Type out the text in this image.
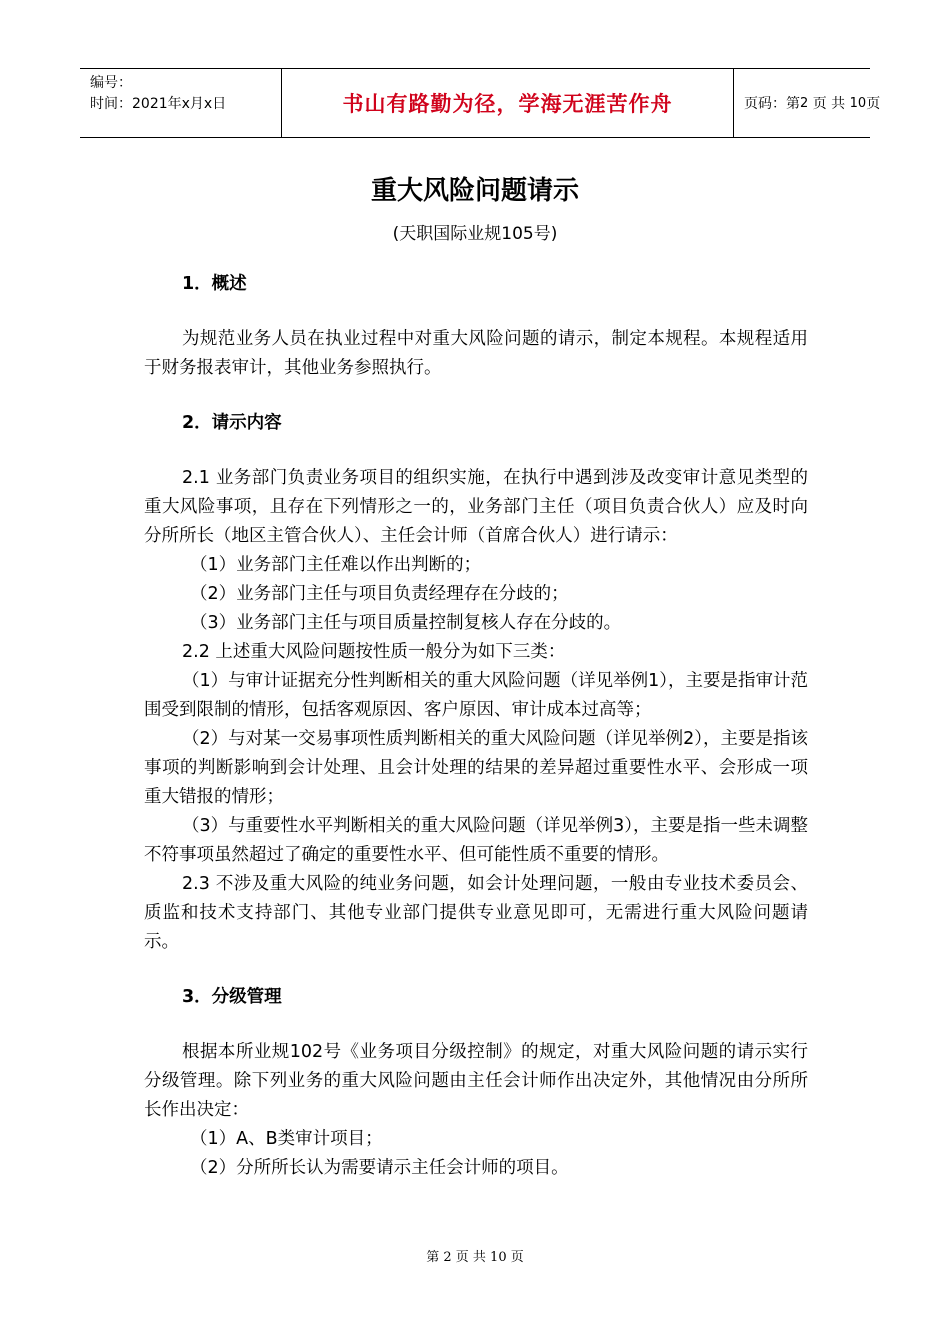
编号：
时间：2021年x月x日	书山有路勤为径，学海无涯苦作舟	页码：第 2
页 共
10 页
重大风险问题请示
(天职国际业规105号)

1．概述

为规范业务人员在执业过程中对重大风险问题的请示，制定本规程。本规程适用于财务报表审计，其他业务参照执行。

2．请示内容

2.1 业务部门负责业务项目的组织实施，在执行中遇到涉及改变审计意见类型的重大风险事项，且存在下列情形之一的，业务部门主任（项目负责合伙人）应及时向分所所长（地区主管合伙人）、主任会计师（首席合伙人）进行请示：

（1）业务部门主任难以作出判断的；

（2）业务部门主任与项目负责经理存在分歧的；

（3）业务部门主任与项目质量控制复核人存在分歧的。

2.2 上述重大风险问题按性质一般分为如下三类：

（1）与审计证据充分性判断相关的重大风险问题（详见举例1），主要是指审计范围受到限制的情形，包括客观原因、客户原因、审计成本过高等；

（2）与对某一交易事项性质判断相关的重大风险问题（详见举例2），主要是指该事项的判断影响到会计处理、且会计处理的结果的差异超过重要性水平、会形成一项重大错报的情形；

（3）与重要性水平判断相关的重大风险问题（详见举例3），主要是指一些未调整不符事项虽然超过了确定的重要性水平、但可能性质不重要的情形。

2.3 不涉及重大风险的纯业务问题，如会计处理问题，一般由专业技术委员会、质监和技术支持部门、其他专业部门提供专业意见即可，无需进行重大风险问题请示。

3．分级管理

根据本所业规102号《业务项目分级控制》的规定，对重大风险问题的请示实行分级管理。除下列业务的重大风险问题由主任会计师作出决定外，其他情况由分所所长作出决定：

（1）A、B类审计项目；

（2）分所所长认为需要请示主任会计师的项目。

第 2 页 共 10 页
